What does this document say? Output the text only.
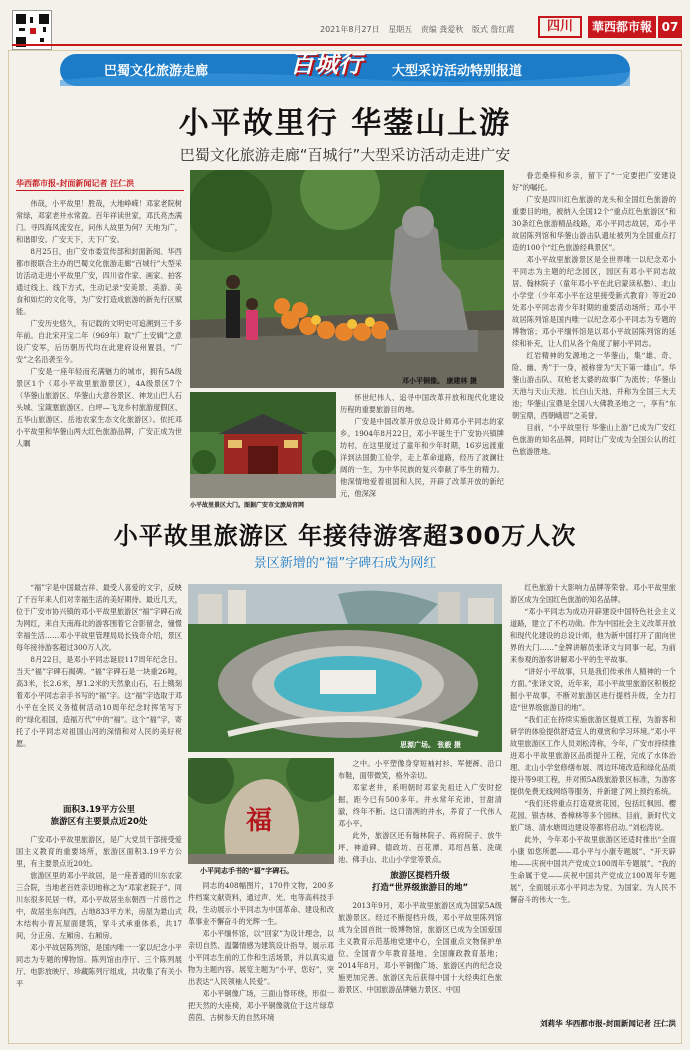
2021年8月27日 星期五 责编 龚爱秋 版式 詹红霞	四川	華西都市報 07
巴蜀文化旅游走廊	百城行 大型采访活动特别报道
小平故里行 华蓥山上游
巴蜀文化旅游走廊“百城行”大型采访活动走进广安
华西都市报-封面新闻记者 汪仁洪

伟哉，小平故里！胜哉，大地峥嵘！邓家老院树常绿，邓家老井水常盈。百年祥读世家，邓氏亮杰满门。寻四海风流安在，问伟人故里为何？天地为广，和谐即安。广安天下，天下广安。

8月25日，由广安市委宣传部和封面新闻、华西都市报联合主办的巴蜀文化旅游走廊“百城行”大型采访活动走进小平故里广安，四川省作家、画家、拍客通过线上、线下方式，生动记录“安美景、美游、美食和如烂的文化等，为广安打造成旅游的新先行区赋能。

广安历史悠久，有记载的文明史可追溯到三千多年前。自北宋开宝二年（969年）取“广土安辑”之意设广安军，后历朝历代均在此建府设州置县，“广安”之名沿袭至今。

广安是一座年轻而充满魅力的城市，拥有5A级景区1个（邓小平故里旅游景区），4A级景区7个（华蓥山旅游区、华蓥山大意谷景区、神龙山巴人石头城、宝箴塞旅游区、白坪—飞龙乡村旅游度假区、五华山旅游区、岳池农家生态文化旅游区）。依托邓小平故里和华蓥山两大红色旅游品牌，广安正成为世人瞩

邓小平铜像。 康建林 摄
小平故里景区大门。图据广安市文旅局官网

怀世纪伟人、追寻中国改革开放和现代化建设历程的重要旅游目的地。

广安是中国改革开放总设计师邓小平同志的家乡。1904年8月22日，邓小平诞生于广安协兴镇牌坊村，在这里度过了童年和少年时期，16岁远渡重洋到法国勤工俭学，走上革命道路，经历了波澜壮阔的一生，为中华民族的复兴奉献了毕生的精力。他深情地爱着祖国和人民，开辟了改革开放的新纪元，他深深

眷恋桑梓和乡亲，留下了“一定要把广安建设好”的嘱托。

广安是四川红色旅游的龙头和全国红色旅游的重要目的地，被纳入全国12个“重点红色旅游区”和30条红色旅游精品线路，邓小平同志故居，邓小平故居陈列馆和华蓥山游击队遗址被列为全国重点打造的100个“红色旅游经典景区”。

邓小平故里旅游景区是全世界唯一以纪念邓小平同志为主题的纪念园区，园区有邓小平同志故居、翰林院子（童年邓小平在此启蒙读私塾）、北山小学堂（少年邓小平在这里接受新式教育）等近20处邓小平同志青少年时期的重要活动场所；邓小平故居陈列馆是国内唯一以纪念邓小平同志为专题的博物馆；邓小平缅怀馆是以邓小平故居陈列馆的延续和补充，让人们从各个角度了解小平同志。

红岩精神的发源地之一华蓥山，集“雄、奇、险、幽、秀”于一身，被称誉为“天下第一雄山”。华蓥山游击队、双枪老太婆的故事广为流传；华蓥山天池与天山天池、长白山天池，并称为全国三大天池；华蓥山宝鼎是全国八大佛教圣地之一，享有“东朝宝鼎，西朝峨眉”之美誉。

目前，“小平故里行 华蓥山上游”已成为广安红色旅游的知名品牌，同时让广安成为全国公认的红色旅游胜地。

小平故里旅游区 年接待游客超300万人次
景区新增的“福”字碑石成为网红

“福”字是中国最吉祥、最受人喜爱的文字，反映了千百年来人们对幸福生活的美好期待。最近几天，位于广安市协兴镇的邓小平故里旅游区“福”字碑石成为网红，来自天南海北的游客围着它合影留念，憧憬幸福生活……邓小平故里管理局局长钱奇介绍，景区每年接待游客超过300万人次。

8月22日，是邓小平同志诞辰117周年纪念日。当天“福”字碑石揭碑。“福”字碑石是一块重26吨，高3米，长2.6米，厚1.2米的天然象山石，石上镌刻着邓小平同志亲手书写的“福”字。这“福”字选取于邓小平在全民义务植树活动10周年纪念时挥笔写下的“绿化祖国，造福万代”中的“福”。这个“福”字，寄托了小平同志对祖国山河的深情和对人民的美好祝愿。

面积3.19平方公里
旅游区有主要景点近20处

广安邓小平故里旅游区，是广大党员干部接受爱国主义教育的重要场所，旅游区面积3.19平方公里，有主要景点近20处。

旅游区里的邓小平故居，是一座普通的川东农家三合院，当地老百姓亲切地称之为“邓家老院子”。同川东很多民居一样，邓小平故居坐东朝西一片慈竹之中，故居坐东向西，占地833平方米，房屋为悬山式木结构小青瓦屋面建筑，穿斗式承重体系，共17间，分正房、左厢房、右厢房。

邓小平故居陈列馆，是国内唯一一家以纪念小平同志为专题的博物馆。陈列馆由序厅、三个陈列展厅、电影放映厅、珍藏陈列厅组成，共收集了有关小平

思源广场。 张毅 摄
福
小平同志手书的“福”字碑石。

之中。小平塑像身穿短袖衬衫、军便裤、沿口布鞋，面带微笑，格外亲切。

邓家老井，系明朝时邓家先祖迁入广安时挖掘，距今已有500多年。井水常年充沛，甘甜清澈，终年不断。这口清冽的井水，养育了一代伟人邓小平。

此外，旅游区还有翰林院子、蒋府院子、放牛坪、神道碑、德政坊、百花潭、邓绍昌墓、洗砚池、佛手山、北山小学堂等景点。

同志的408幅图片，170件文物，200多件档案文献资料，通过声、光、电等高科技手段，生动展示小平同志为中国革命、建设和改革事业不懈奋斗的光辉一生。

邓小平缅怀馆，以“回家”为设计理念，以亲切自然、温馨情感为建筑设计指导，展示邓小平同志生前的工作和生活场景，并以真实道物为主题内容。展览主题为“小平，您好”，突出表达“人民领袖人民爱”。

邓小平铜像广场，三面山脊环绕，形似一把天然的大座椅，邓小平铜像就位于这片绿草茵茵、古树参天的自然环境

旅游区提档升级
打造“世界级旅游目的地”

2013年9月，邓小平故里旅游区成为国家5A级旅游景区。经过不断提档升级，邓小平故里陈列馆成为全国首批一级博物馆，旅游区已成为全国爱国主义教育示范基地党建中心，全国重点文物保护单位、全国青少年教育基地、全国廉政教育基地；2014年8月，邓小平铜像广场、旅游区内的纪念设施更加完善。旅游区先后获得中国十大经典红色旅游景区、中国旅游品牌魅力景区、中国

红色旅游十大影响力品牌等荣誉。邓小平故里旅游区成为全国红色旅游的知名品牌。

“邓小平同志为成功开辟建设中国特色社会主义道路，建立了不朽功勋。作为中国社会主义改革开放和现代化建设的总设计师，他为新中国打开了面向世界的大门……”金牌讲解员张译文与同事一起，为前来参观的游客讲解邓小平的生平故事。

“讲好小平故事，只是我们传承伟人精神的一个方面。”张译文说，近年来，邓小平故里旅游区积极挖掘小平故事，不断对旅游区进行提档升级，全力打造“世界级旅游目的地”。

“我们正在持续实施旅游区提质工程，为游客和研学的体验提供舒适宜人的观赏和学习环境。”邓小平故里旅游区工作人员刘松涛称，今年，广安市持续推进邓小平故里旅游区品质提升工程，完成了水体治理、北山小学堂修缮布展、周边环境改造和绿化品质提升等9项工程，并对照5A级旅游景区标准，为游客提供免费无线网络等服务，并新建了网上预约系统。

“我们还将重点打造观赏花园，包括红枫园、樱花园、银杏林、香樟林等多个园林。目前，新时代文旅广场、清水塘周边建设等都将启动。”刘松涛说。

此外，今年邓小平故里旅游区还适时推出“全面小康 如您所愿——邓小平与小康专题展”、“开天辟地——庆祝中国共产党成立100周年专题展”、“我的生命属于党——庆祝中国共产党成立100周年专题展”，全面展示邓小平同志为党、为国家、为人民不懈奋斗的伟大一生。

刘莉华 华西都市报-封面新闻记者 汪仁洪
